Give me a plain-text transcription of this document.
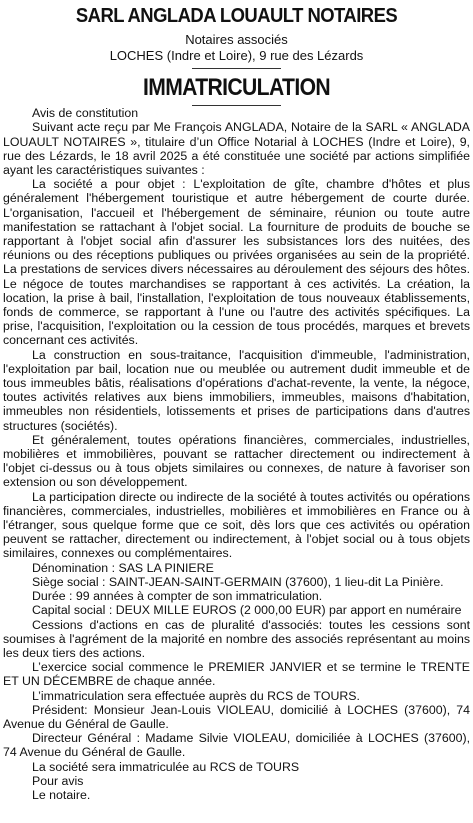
SARL ANGLADA LOUAULT NOTAIRES

Notaires associés

LOCHES (Indre et Loire), 9 rue des Lézards

IMMATRICULATION

Avis de constitution

Suivant acte reçu par Me François ANGLADA, Notaire de la SARL « ANGLADA LOUAULT NOTAIRES », titulaire d’un Office Notarial à LOCHES (Indre et Loire), 9, rue des Lézards, le 18 avril 2025 a été constituée une société par actions simplifiée ayant les caractéristiques suivantes :

La société a pour objet : L'exploitation de gîte, chambre d'hôtes et plus généralement l'hébergement touristique et autre hébergement de courte durée. L'organisation, l'accueil et l'hébergement de séminaire, réunion ou toute autre manifestation se rattachant à l'objet social. La fourniture de produits de bouche se rapportant à l'objet social afin d'assurer les subsistances lors des nuitées, des réunions ou des réceptions publiques ou privées organisées au sein de la propriété. La prestations de services divers nécessaires au déroulement des séjours des hôtes. Le négoce de toutes marchandises se rapportant à ces activités. La création, la location, la prise à bail, l'installation, l'exploitation de tous nouveaux établissements, fonds de commerce, se rapportant à l'une ou l'autre des activités spécifiques. La prise, l'acquisition, l'exploitation ou la cession de tous procédés, marques et brevets concernant ces activités.

La construction en sous-traitance, l'acquisition d'immeuble, l'administration, l'exploitation par bail, location nue ou meublée ou autrement dudit immeuble et de tous immeubles bâtis, réalisations d'opérations d'achat-revente, la vente, la négoce, toutes activités relatives aux biens immobiliers, immeubles, maisons d'habitation, immeubles non résidentiels, lotissements et prises de participations dans d'autres structures (sociétés).

Et généralement, toutes opérations financières, commerciales, industrielles, mobilières et immobilières, pouvant se rattacher directement ou indirectement à l'objet ci-dessus ou à tous objets similaires ou connexes, de nature à favoriser son extension ou son développement.

La participation directe ou indirecte de la société à toutes activités ou opérations financières, commerciales, industrielles, mobilières et immobilières en France ou à l'étranger, sous quelque forme que ce soit, dès lors que ces activités ou opération peuvent se rattacher, directement ou indirectement, à l'objet social ou à tous objets similaires, connexes ou complémentaires.

Dénomination : SAS LA PINIERE

Siège social : SAINT-JEAN-SAINT-GERMAIN (37600), 1 lieu-dit La Pinière.

Durée : 99 années à compter de son immatriculation.

Capital social : DEUX MILLE EUROS (2 000,00 EUR) par apport en numéraire

Cessions d'actions en cas de pluralité d'associés: toutes les cessions sont soumises à l'agrément de la majorité en nombre des associés représentant au moins les deux tiers des actions.

L’exercice social commence le PREMIER JANVIER et se termine le TRENTE ET UN DÉCEMBRE de chaque année.

L’immatriculation sera effectuée auprès du RCS de TOURS.

Président: Monsieur Jean-Louis VIOLEAU, domicilié à LOCHES (37600), 74 Avenue du Général de Gaulle.

Directeur Général : Madame Silvie VIOLEAU, domiciliée à LOCHES (37600), 74 Avenue du Général de Gaulle.

La société sera immatriculée au RCS de TOURS

Pour avis

Le notaire.
